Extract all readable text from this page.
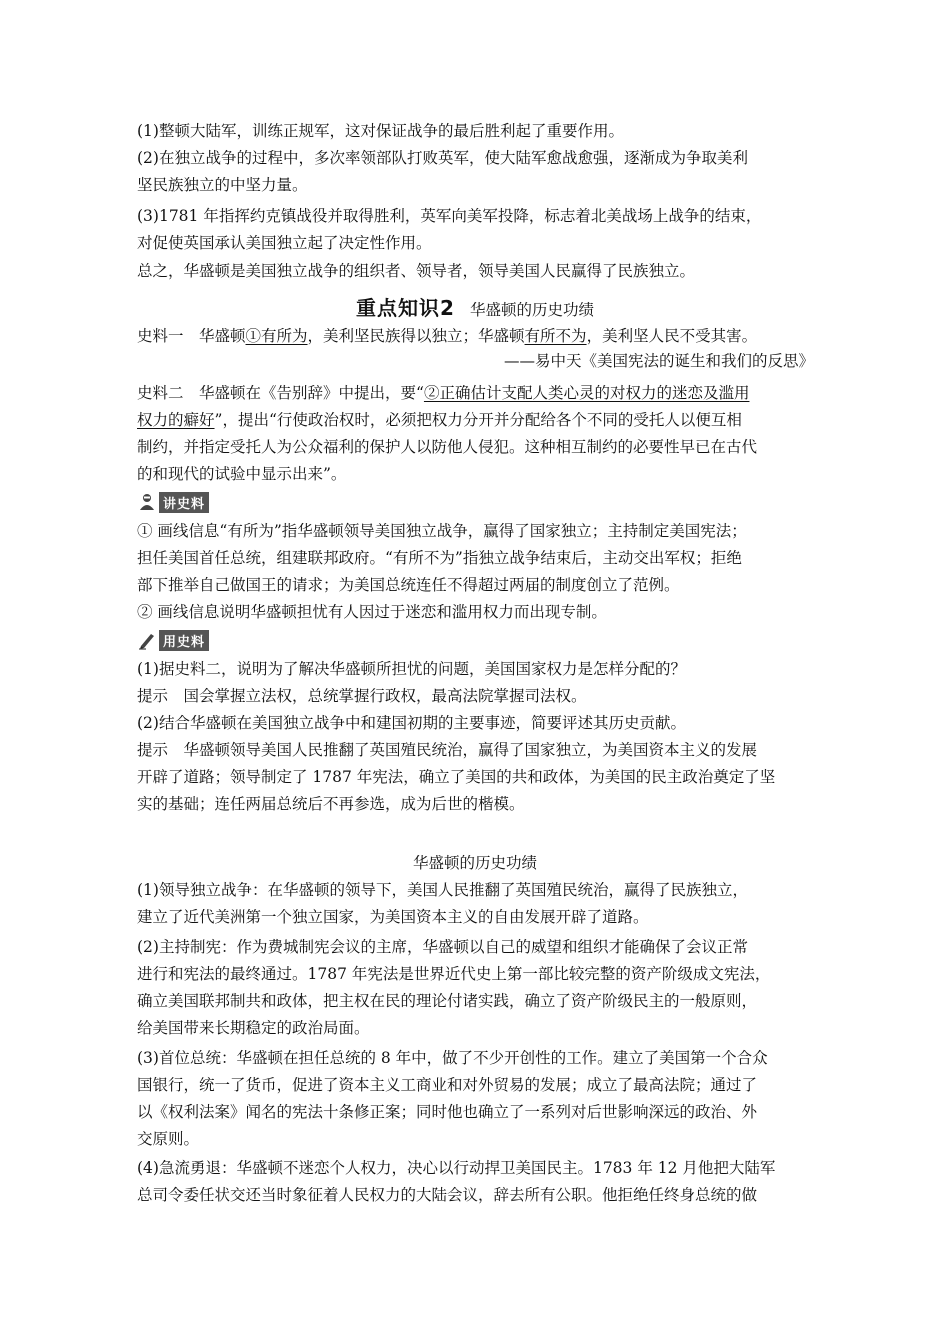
(1)整顿大陆军，训练正规军，这对保证战争的最后胜利起了重要作用。
(2)在独立战争的过程中，多次率领部队打败英军，使大陆军愈战愈强，逐渐成为争取美利
坚民族独立的中坚力量。
(3)1781 年指挥约克镇战役并取得胜利，英军向美军投降，标志着北美战场上战争的结束，
对促使英国承认美国独立起了决定性作用。
总之，华盛顿是美国独立战争的组织者、领导者，领导美国人民赢得了民族独立。
重点知识2 华盛顿的历史功绩
史料一　华盛顿①有所为，美利坚民族得以独立；华盛顿有所不为，美利坚人民不受其害。
——易中天《美国宪法的诞生和我们的反思》
史料二　华盛顿在《告别辞》中提出，要“②正确估计支配人类心灵的对权力的迷恋及滥用
权力的癖好”，提出“行使政治权时，必须把权力分开并分配给各个不同的受托人以便互相
制约，并指定受托人为公众福利的保护人以防他人侵犯。这种相互制约的必要性早已在古代
的和现代的试验中显示出来”。
讲史料
① 画线信息“有所为”指华盛顿领导美国独立战争，赢得了国家独立；主持制定美国宪法；
担任美国首任总统，组建联邦政府。“有所不为”指独立战争结束后，主动交出军权；拒绝
部下推举自己做国王的请求；为美国总统连任不得超过两届的制度创立了范例。
② 画线信息说明华盛顿担忧有人因过于迷恋和滥用权力而出现专制。
用史料
(1)据史料二，说明为了解决华盛顿所担忧的问题，美国国家权力是怎样分配的？
提示　国会掌握立法权，总统掌握行政权，最高法院掌握司法权。
(2)结合华盛顿在美国独立战争中和建国初期的主要事迹，简要评述其历史贡献。
提示　华盛顿领导美国人民推翻了英国殖民统治，赢得了国家独立，为美国资本主义的发展
开辟了道路；领导制定了 1787 年宪法，确立了美国的共和政体，为美国的民主政治奠定了坚
实的基础；连任两届总统后不再参选，成为后世的楷模。
华盛顿的历史功绩
(1)领导独立战争：在华盛顿的领导下，美国人民推翻了英国殖民统治，赢得了民族独立，
建立了近代美洲第一个独立国家，为美国资本主义的自由发展开辟了道路。
(2)主持制宪：作为费城制宪会议的主席，华盛顿以自己的威望和组织才能确保了会议正常
进行和宪法的最终通过。1787 年宪法是世界近代史上第一部比较完整的资产阶级成文宪法，
确立美国联邦制共和政体，把主权在民的理论付诸实践，确立了资产阶级民主的一般原则，
给美国带来长期稳定的政治局面。
(3)首位总统：华盛顿在担任总统的 8 年中，做了不少开创性的工作。建立了美国第一个合众
国银行，统一了货币，促进了资本主义工商业和对外贸易的发展；成立了最高法院；通过了
以《权利法案》闻名的宪法十条修正案；同时他也确立了一系列对后世影响深远的政治、外
交原则。
(4)急流勇退：华盛顿不迷恋个人权力，决心以行动捍卫美国民主。1783 年 12 月他把大陆军
总司令委任状交还当时象征着人民权力的大陆会议，辞去所有公职。他拒绝任终身总统的做
